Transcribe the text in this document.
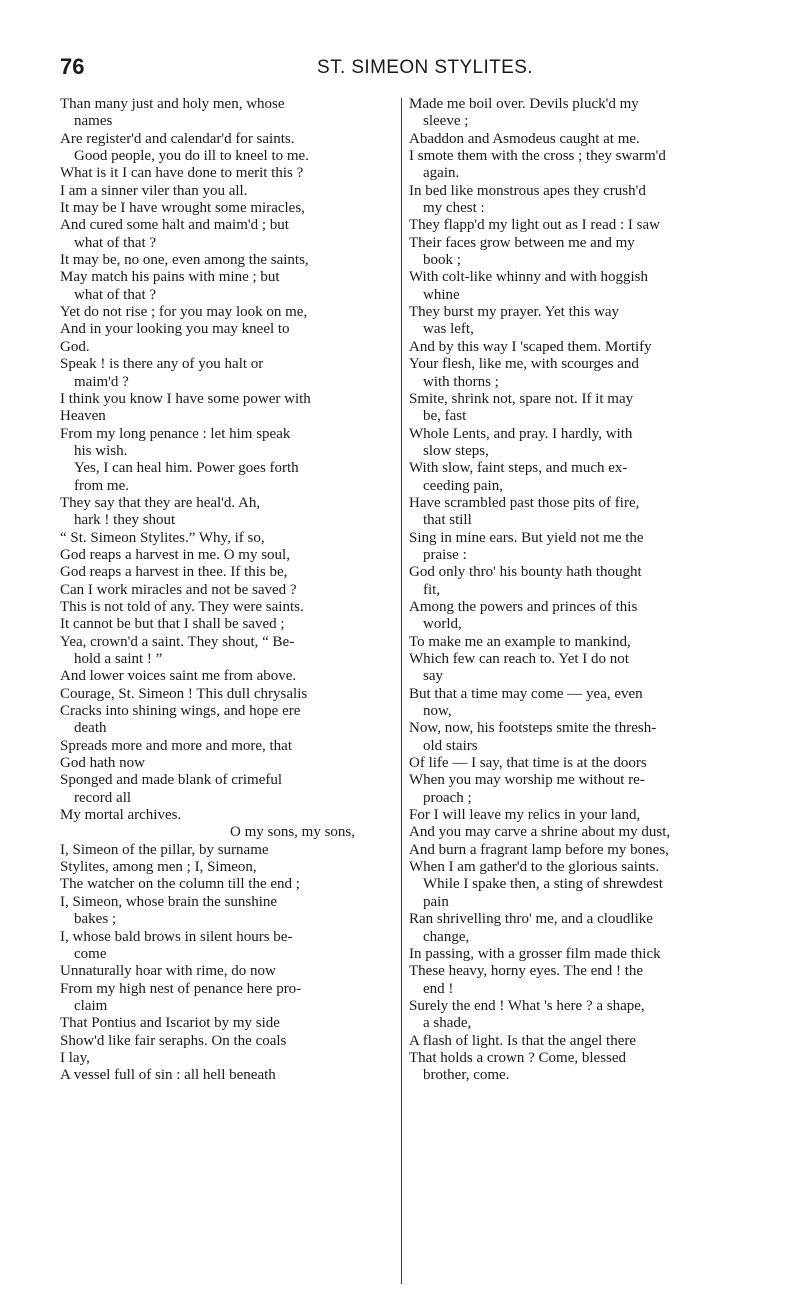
76	ST. SIMEON STYLITES.

Than many just and holy men, whose

names

Are register'd and calendar'd for saints.

Good people, you do ill to kneel to me.

What is it I can have done to merit this ?

I am a sinner viler than you all.

It may be I have wrought some miracles,

And cured some halt and maim'd ; but

what of that ?

It may be, no one, even among the saints,

May match his pains with mine ; but

what of that ?

Yet do not rise ; for you may look on me,

And in your looking you may kneel to

God.

Speak ! is there any of you halt or

maim'd ?

I think you know I have some power with

Heaven

From my long penance : let him speak

his wish.

Yes, I can heal him. Power goes forth

from me.

They say that they are heal'd. Ah,

hark ! they shout

“ St. Simeon Stylites.” Why, if so,

God reaps a harvest in me. O my soul,

God reaps a harvest in thee. If this be,

Can I work miracles and not be saved ?

This is not told of any. They were saints.

It cannot be but that I shall be saved ;

Yea, crown'd a saint. They shout, “ Be-

hold a saint ! ”

And lower voices saint me from above.

Courage, St. Simeon ! This dull chrysalis

Cracks into shining wings, and hope ere

death

Spreads more and more and more, that

God hath now

Sponged and made blank of crimeful

record all

My mortal archives.

O my sons, my sons,

I, Simeon of the pillar, by surname

Stylites, among men ; I, Simeon,

The watcher on the column till the end ;

I, Simeon, whose brain the sunshine

bakes ;

I, whose bald brows in silent hours be-

come

Unnaturally hoar with rime, do now

From my high nest of penance here pro-

claim

That Pontius and Iscariot by my side

Show'd like fair seraphs. On the coals

I lay,

A vessel full of sin : all hell beneath

Made me boil over. Devils pluck'd my

sleeve ;

Abaddon and Asmodeus caught at me.

I smote them with the cross ; they swarm'd

again.

In bed like monstrous apes they crush'd

my chest :

They flapp'd my light out as I read : I saw

Their faces grow between me and my

book ;

With colt-like whinny and with hoggish

whine

They burst my prayer. Yet this way

was left,

And by this way I 'scaped them. Mortify

Your flesh, like me, with scourges and

with thorns ;

Smite, shrink not, spare not. If it may

be, fast

Whole Lents, and pray. I hardly, with

slow steps,

With slow, faint steps, and much ex-

ceeding pain,

Have scrambled past those pits of fire,

that still

Sing in mine ears. But yield not me the

praise :

God only thro' his bounty hath thought

fit,

Among the powers and princes of this

world,

To make me an example to mankind,

Which few can reach to. Yet I do not

say

But that a time may come — yea, even

now,

Now, now, his footsteps smite the thresh-

old stairs

Of life — I say, that time is at the doors

When you may worship me without re-

proach ;

For I will leave my relics in your land,

And you may carve a shrine about my dust,

And burn a fragrant lamp before my bones,

When I am gather'd to the glorious saints.

While I spake then, a sting of shrewdest

pain

Ran shrivelling thro' me, and a cloudlike

change,

In passing, with a grosser film made thick

These heavy, horny eyes. The end ! the

end !

Surely the end ! What 's here ? a shape,

a shade,

A flash of light. Is that the angel there

That holds a crown ? Come, blessed

brother, come.
